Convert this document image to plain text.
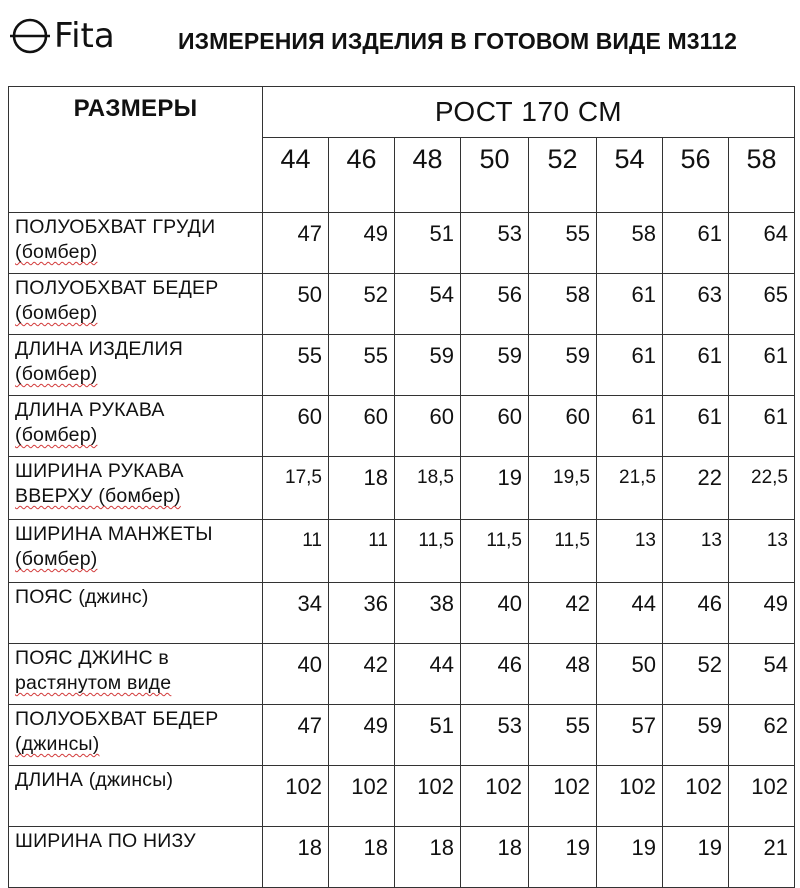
Fita	ИЗМЕРЕНИЯ ИЗДЕЛИЯ В ГОТОВОМ ВИДЕ М3112
РАЗМЕРЫ	РОСТ 170 СМ							
	44	46	48	50	52	54	56	58

ПОЛУОБХВАТ ГРУДИ
(бомбер)	47	49	51	53	55	58	61	64

ПОЛУОБХВАТ БЕДЕР
(бомбер)	50	52	54	56	58	61	63	65

ДЛИНА ИЗДЕЛИЯ
(бомбер)	55	55	59	59	59	61	61	61

ДЛИНА РУКАВА
(бомбер)	60	60	60	60	60	61	61	61

ШИРИНА РУКАВА
ВВЕРХУ (бомбер)	17,5	18	18,5	19	19,5	21,5	22	22,5

ШИРИНА МАНЖЕТЫ
(бомбер)	11	11	11,5	11,5	11,5	13	13	13

ПОЯС (джинс)	34	36	38	40	42	44	46	49

ПОЯС ДЖИНС в
растянутом виде	40	42	44	46	48	50	52	54

ПОЛУОБХВАТ БЕДЕР
(джинсы)	47	49	51	53	55	57	59	62

ДЛИНА (джинсы)	102	102	102	102	102	102	102	102

ШИРИНА ПО НИЗУ	18	18	18	18	19	19	19	21
